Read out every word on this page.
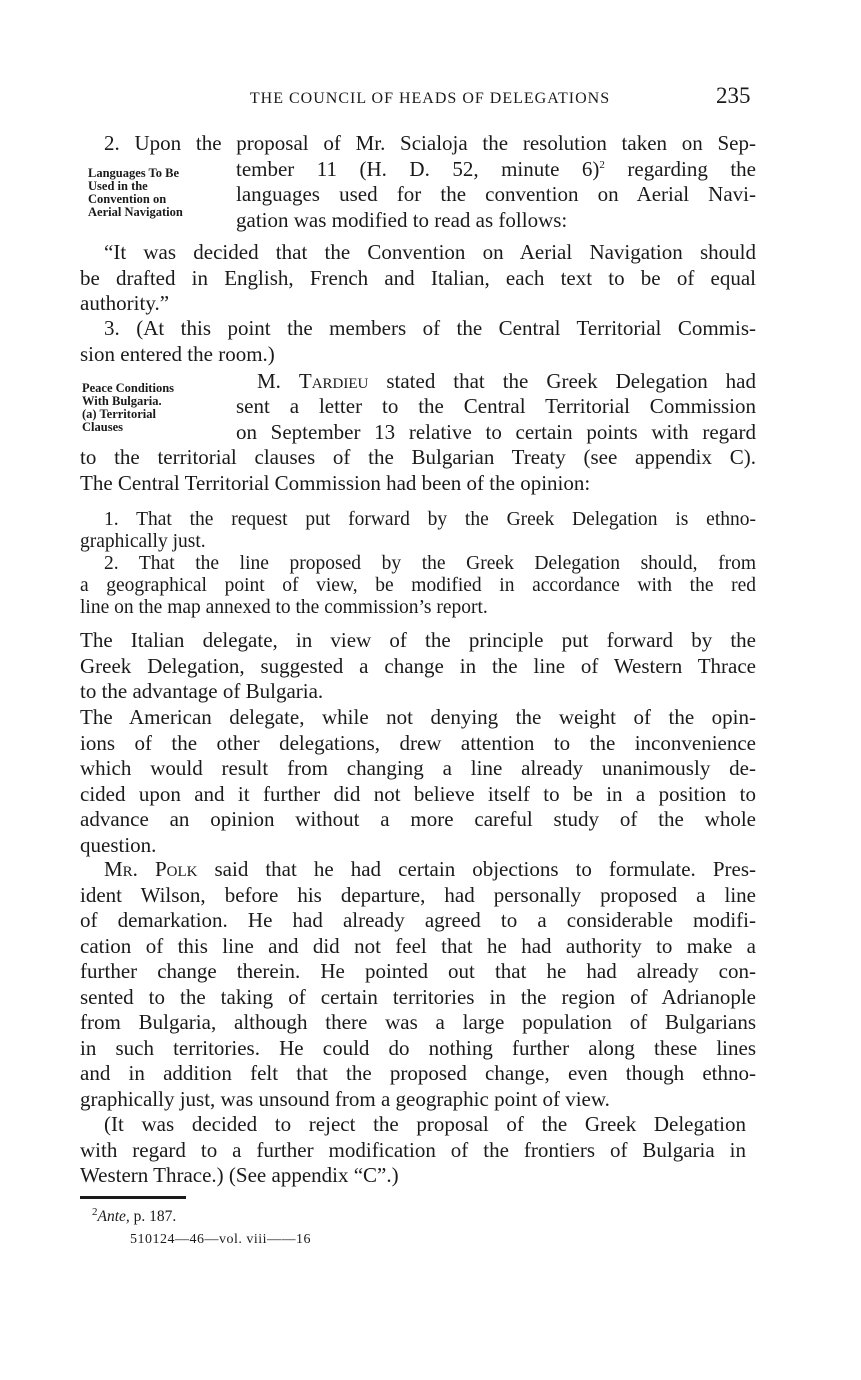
THE COUNCIL OF HEADS OF DELEGATIONS	235
Languages To Be
Used in the
Convention on
Aerial Navigation
2. Upon the proposal of Mr. Scialoja the resolution taken on Sep-
tember 11 (H. D. 52, minute 6)$^2$ regarding the
languages used for the convention on Aerial Navi-
gation was modified to read as follows:
“It was decided that the Convention on Aerial Navigation should
be drafted in English, French and Italian, each text to be of equal
authority.”
3. (At this point the members of the Central Territorial Commis-
sion entered the room.)
Peace Conditions
With Bulgaria.
(a) Territorial
Clauses
M. Tardieu stated that the Greek Delegation had
sent a letter to the Central Territorial Commission
on September 13 relative to certain points with regard
to the territorial clauses of the Bulgarian Treaty (see appendix C).
The Central Territorial Commission had been of the opinion:
1. That the request put forward by the Greek Delegation is ethno-
graphically just.
2. That the line proposed by the Greek Delegation should, from
a geographical point of view, be modified in accordance with the red
line on the map annexed to the commission’s report.
The Italian delegate, in view of the principle put forward by the
Greek Delegation, suggested a change in the line of Western Thrace
to the advantage of Bulgaria.
The American delegate, while not denying the weight of the opin-
ions of the other delegations, drew attention to the inconvenience
which would result from changing a line already unanimously de-
cided upon and it further did not believe itself to be in a position to
advance an opinion without a more careful study of the whole
question.
Mr. Polk said that he had certain objections to formulate. Pres-
ident Wilson, before his departure, had personally proposed a line
of demarkation. He had already agreed to a considerable modifi-
cation of this line and did not feel that he had authority to make a
further change therein. He pointed out that he had already con-
sented to the taking of certain territories in the region of Adrianople
from Bulgaria, although there was a large population of Bulgarians
in such territories. He could do nothing further along these lines
and in addition felt that the proposed change, even though ethno-
graphically just, was unsound from a geographic point of view.
(It was decided to reject the proposal of the Greek Delegation
with regard to a further modification of the frontiers of Bulgaria in
Western Thrace.) (See appendix “C”.)
$^2$Ante, p. 187.
510124—46—vol. viii——16
